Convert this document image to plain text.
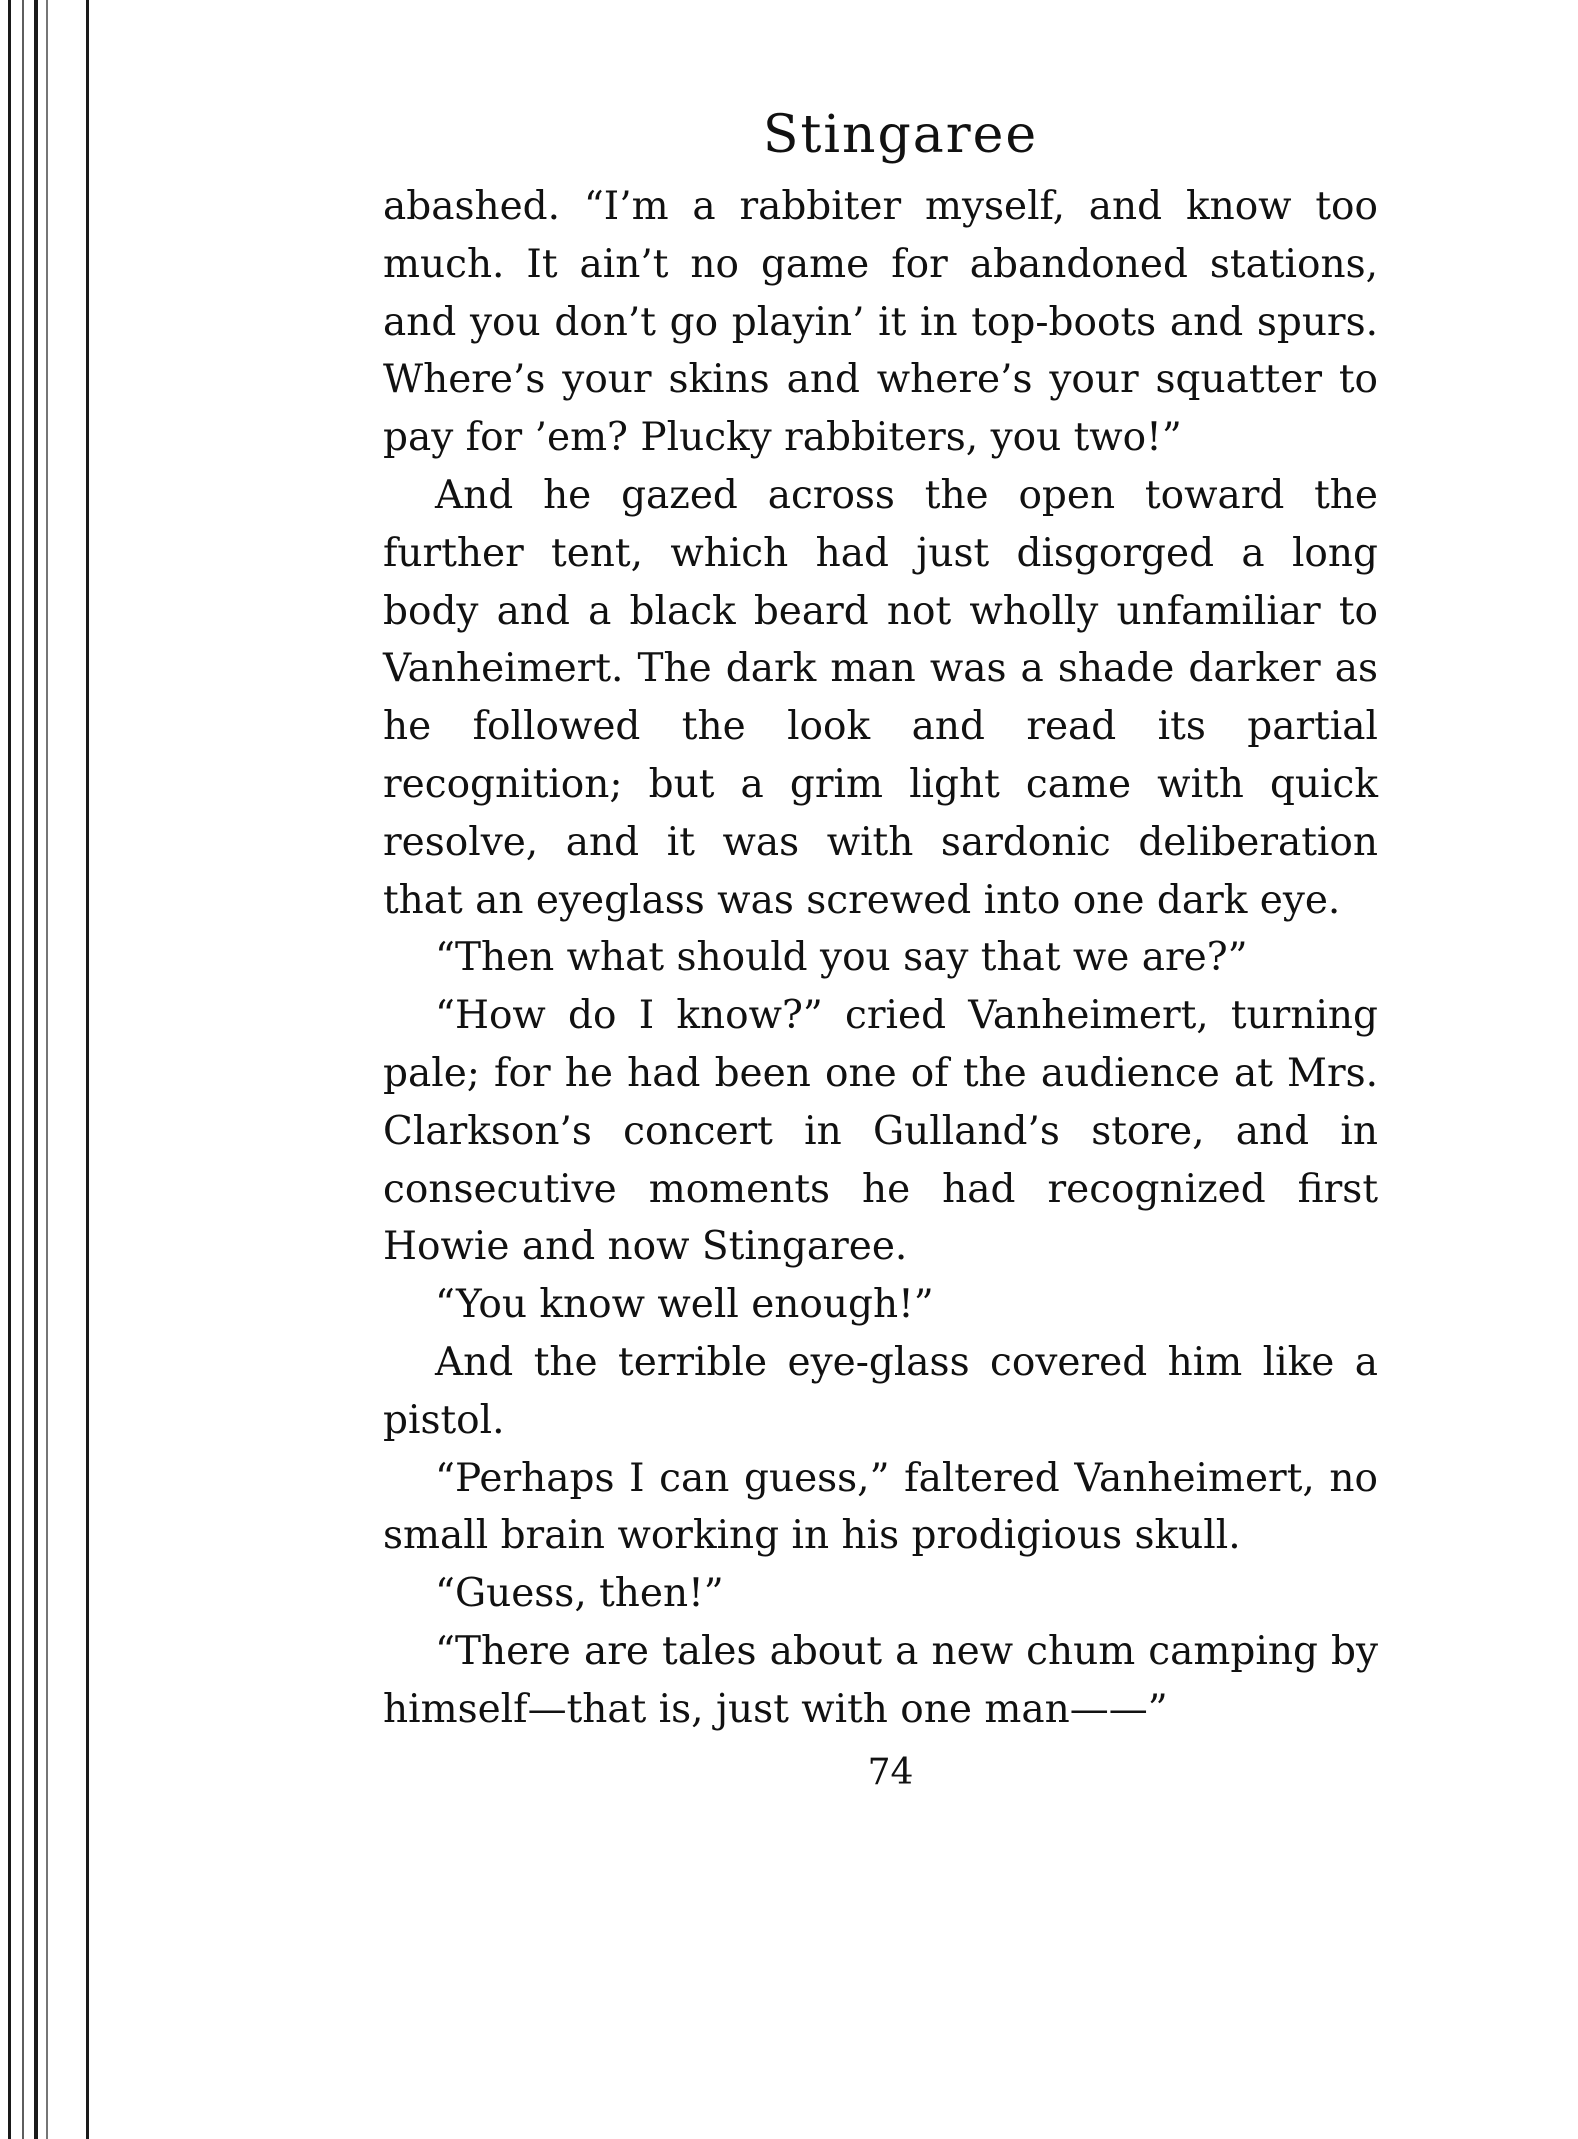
Stingaree

abashed. “I’m a rabbiter myself, and know too much. It ain’t no game for abandoned stations, and you don’t go playin’ it in top-boots and spurs. Where’s your skins and where’s your squatter to pay for ’em? Plucky rabbiters, you two!”

And he gazed across the open toward the further tent, which had just disgorged a long body and a black beard not wholly unfamiliar to Vanheimert. The dark man was a shade darker as he followed the look and read its partial recognition; but a grim light came with quick resolve, and it was with sardonic deliberation that an eyeglass was screwed into one dark eye.

“Then what should you say that we are?”

“How do I know?” cried Vanheimert, turning pale; for he had been one of the audience at Mrs. Clarkson’s concert in Gulland’s store, and in consecutive moments he had recognized first Howie and now Stingaree.

“You know well enough!”

And the terrible eye-glass covered him like a pistol.

“Perhaps I can guess,” faltered Vanheimert, no small brain working in his prodigious skull.

“Guess, then!”

“There are tales about a new chum camping by himself—that is, just with one man——”

74
